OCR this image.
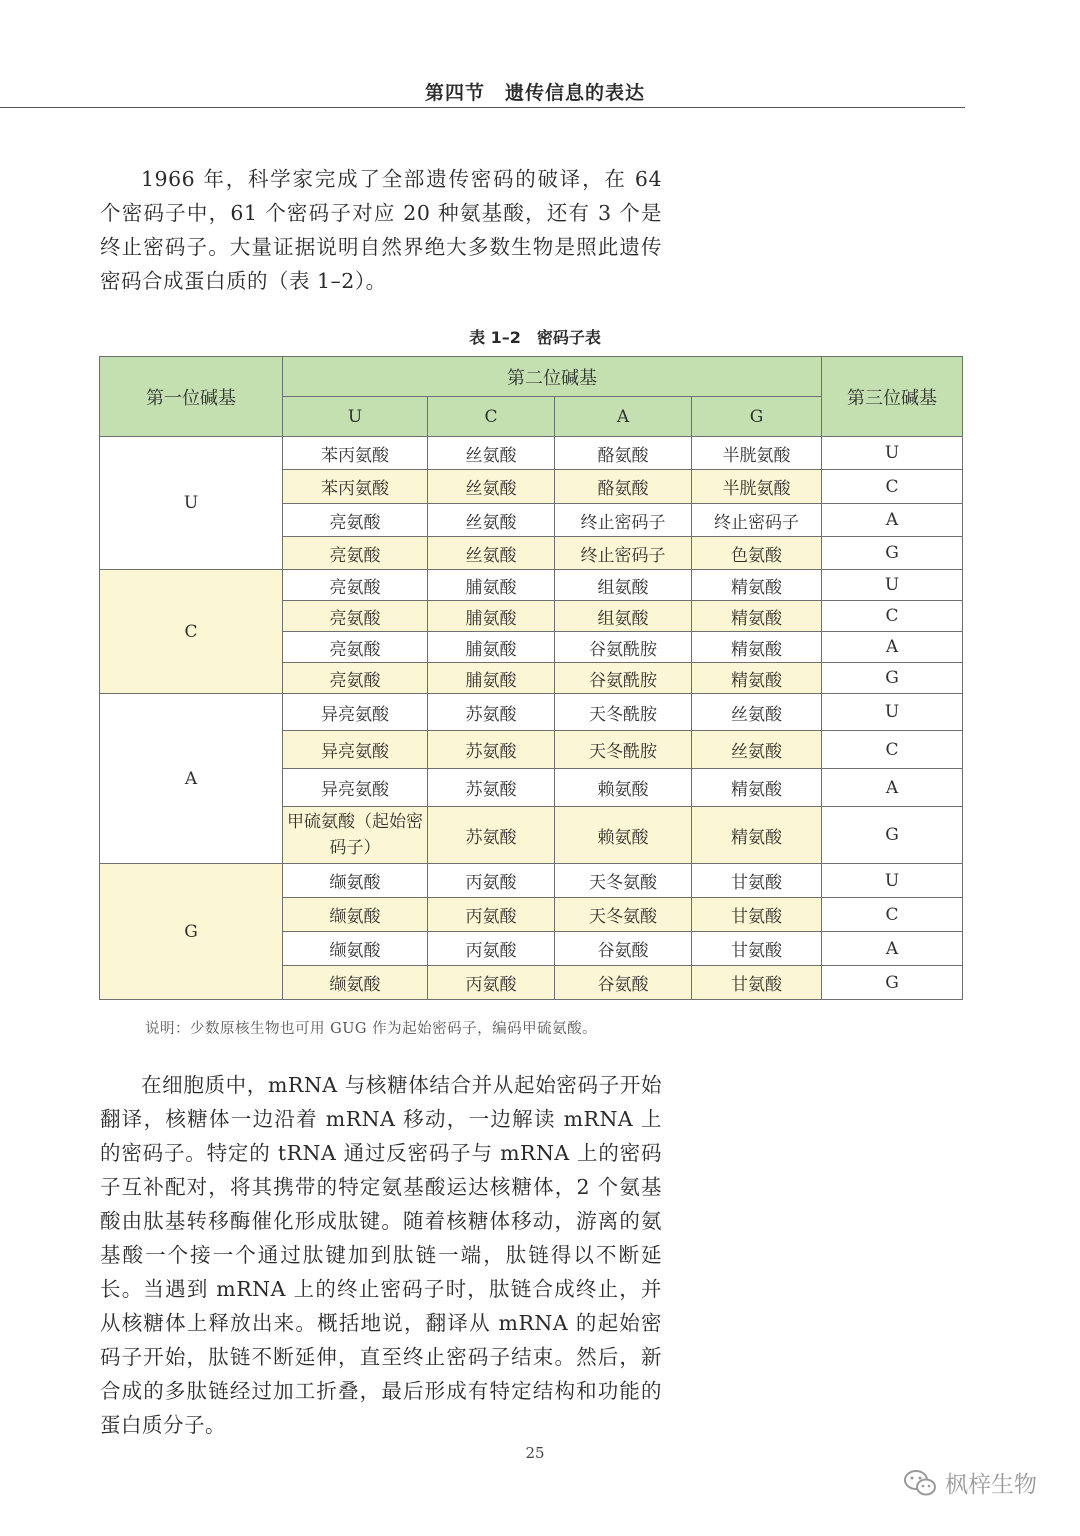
第四节　遗传信息的表达

1966 年，科学家完成了全部遗传密码的破译，在 64 个密码子中，61 个密码子对应 20 种氨基酸，还有 3 个是终止密码子。大量证据说明自然界绝大多数生物是照此遗传密码合成蛋白质的（表 1–2）。

表 1–2　密码子表
第一位碱基	第二位碱基				第三位碱基
	U	C	A	G	
U	苯丙氨酸	丝氨酸	酪氨酸	半胱氨酸	U
	苯丙氨酸	丝氨酸	酪氨酸	半胱氨酸	C
	亮氨酸	丝氨酸	终止密码子	终止密码子	A
	亮氨酸	丝氨酸	终止密码子	色氨酸	G
C	亮氨酸	脯氨酸	组氨酸	精氨酸	U
	亮氨酸	脯氨酸	组氨酸	精氨酸	C
	亮氨酸	脯氨酸	谷氨酰胺	精氨酸	A
	亮氨酸	脯氨酸	谷氨酰胺	精氨酸	G
A	异亮氨酸	苏氨酸	天冬酰胺	丝氨酸	U
	异亮氨酸	苏氨酸	天冬酰胺	丝氨酸	C
	异亮氨酸	苏氨酸	赖氨酸	精氨酸	A
	甲硫氨酸（起始密码子）	苏氨酸	赖氨酸	精氨酸	G
G	缬氨酸	丙氨酸	天冬氨酸	甘氨酸	U
	缬氨酸	丙氨酸	天冬氨酸	甘氨酸	C
	缬氨酸	丙氨酸	谷氨酸	甘氨酸	A
	缬氨酸	丙氨酸	谷氨酸	甘氨酸	G
说明：少数原核生物也可用 GUG 作为起始密码子，编码甲硫氨酸。

在细胞质中，mRNA 与核糖体结合并从起始密码子开始翻译，核糖体一边沿着 mRNA 移动，一边解读 mRNA 上的密码子。特定的 tRNA 通过反密码子与 mRNA 上的密码子互补配对，将其携带的特定氨基酸运达核糖体，2 个氨基酸由肽基转移酶催化形成肽键。随着核糖体移动，游离的氨基酸一个接一个通过肽键加到肽链一端，肽链得以不断延长。当遇到 mRNA 上的终止密码子时，肽链合成终止，并从核糖体上释放出来。概括地说，翻译从 mRNA 的起始密码子开始，肽链不断延伸，直至终止密码子结束。然后，新合成的多肽链经过加工折叠，最后形成有特定结构和功能的蛋白质分子。

25
枫梓生物
